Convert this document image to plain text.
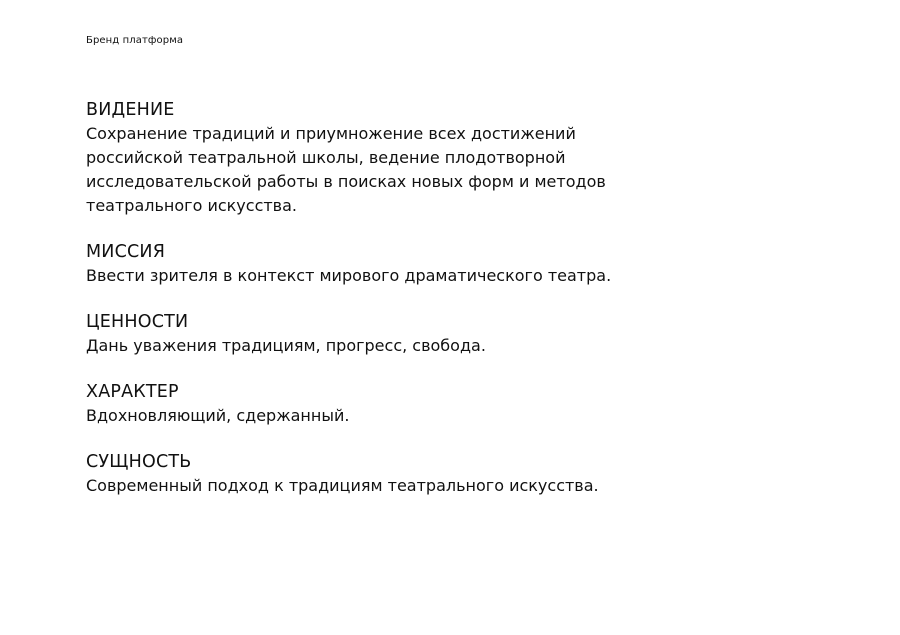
Бренд платформа
ВИДЕНИЕ
Сохранение традиций и приумножение всех достижений
российской театральной школы, ведение плодотворной
исследовательской работы в поисках новых форм и методов
театрального искусства.
МИССИЯ
Ввести зрителя в контекст мирового драматического театра.
ЦЕННОСТИ
Дань уважения традициям, прогресс, свобода.
ХАРАКТЕР
Вдохновляющий, сдержанный.
СУЩНОСТЬ
Современный подход к традициям театрального искусства.
